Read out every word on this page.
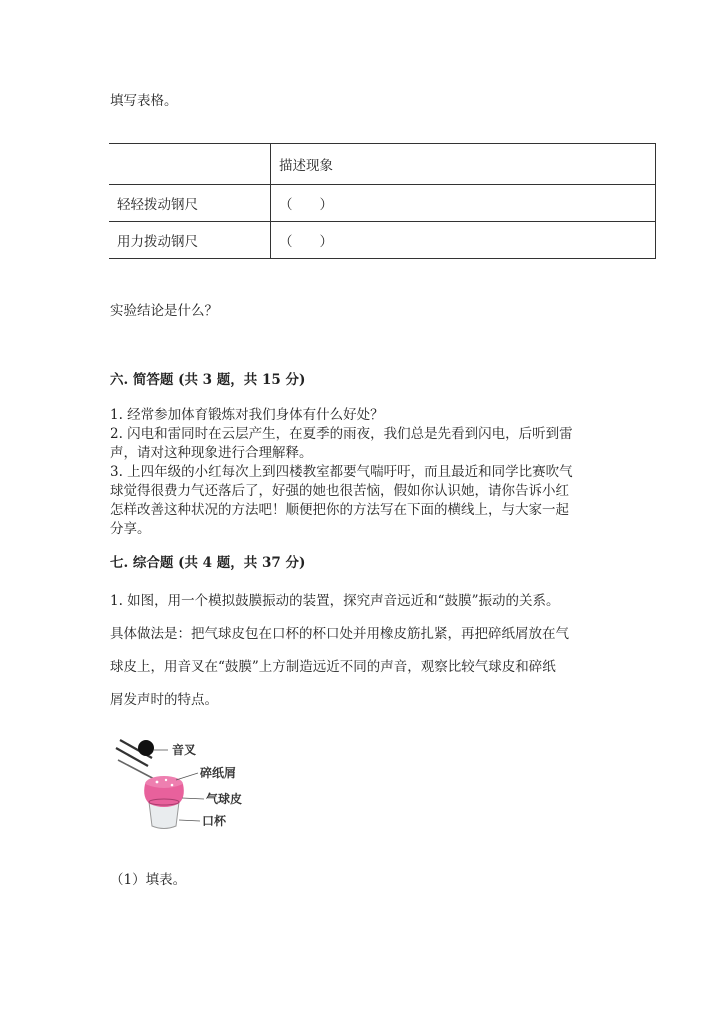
填写表格。
	描述现象
轻轻拨动钢尺	（　　）
用力拨动钢尺	（　　）
实验结论是什么？
六. 简答题 (共 3 题，共 15 分)
1. 经常参加体育锻炼对我们身体有什么好处？
2. 闪电和雷同时在云层产生，在夏季的雨夜，我们总是先看到闪电，后听到雷
声，请对这种现象进行合理解释。
3. 上四年级的小红每次上到四楼教室都要气喘吁吁，而且最近和同学比赛吹气
球觉得很费力气还落后了，好强的她也很苦恼，假如你认识她，请你告诉小红
怎样改善这种状况的方法吧！顺便把你的方法写在下面的横线上，与大家一起
分享。
七. 综合题 (共 4 题，共 37 分)
1. 如图，用一个模拟鼓膜振动的装置，探究声音远近和“鼓膜”振动的关系。
具体做法是：把气球皮包在口杯的杯口处并用橡皮筋扎紧，再把碎纸屑放在气
球皮上，用音叉在“鼓膜”上方制造远近不同的声音，观察比较气球皮和碎纸
屑发声时的特点。
音叉
碎纸屑
气球皮
口杯
（1）填表。
